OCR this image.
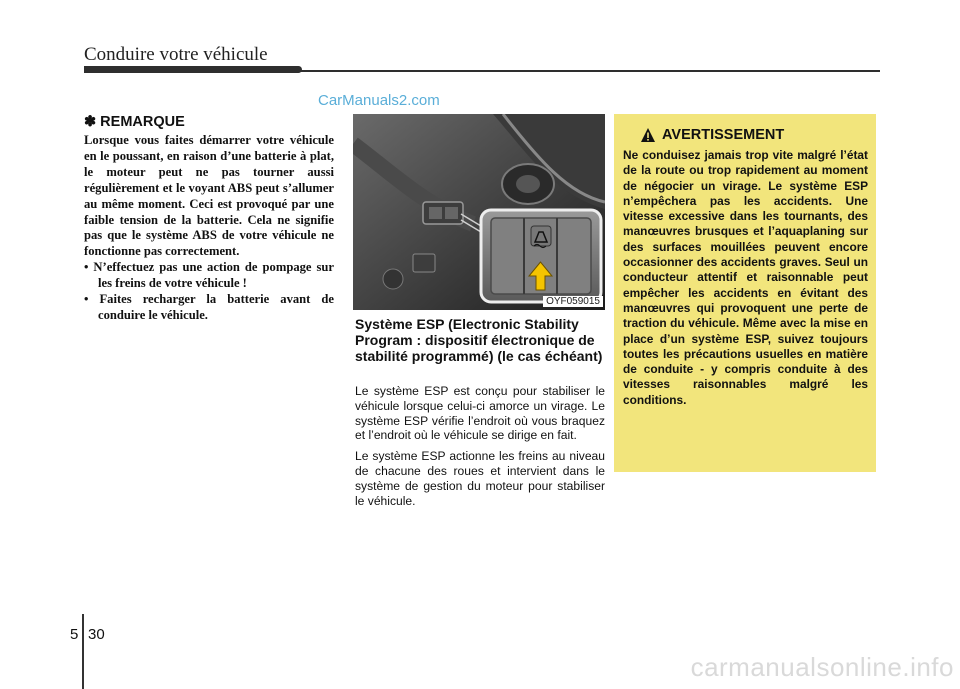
Conduire votre véhicule
CarManuals2.com
✽ REMARQUE

Lorsque vous faites démarrer votre véhicule en le poussant, en raison d’une batterie à plat, le moteur peut ne pas tourner aussi régulièrement et le voyant ABS peut s’allumer au même moment. Ceci est provoqué par une faible tension de la batterie. Cela ne signifie pas que le système ABS de votre véhicule ne fonctionne pas correctement.

• N’effectuez pas une action de pompage sur les freins de votre véhicule !
• Faites recharger la batterie avant de conduire le véhicule.
OYF059015
Système ESP (Electronic Stability Program : dispositif électronique de stabilité programmé) (le cas échéant)

Le système ESP est conçu pour stabiliser le véhicule lorsque celui-ci amorce un virage. Le système ESP vérifie l’endroit où vous braquez et l’endroit où le véhicule se dirige en fait.

Le système ESP actionne les freins au niveau de chacune des roues et intervient dans le système de gestion du moteur pour stabiliser le véhicule.

AVERTISSEMENT
Ne conduisez jamais trop vite malgré l’état de la route ou trop rapidement au moment de négocier un virage. Le système ESP n’empêchera pas les accidents. Une vitesse excessive dans les tournants, des manœuvres brusques et l’aquaplaning sur des surfaces mouillées peuvent encore occasionner des accidents graves. Seul un conducteur attentif et raisonnable peut empêcher les accidents en évitant des manœuvres qui provoquent une perte de traction du véhicule. Même avec la mise en place d’un système ESP, suivez toujours toutes les précautions usuelles en matière de conduite - y compris conduite à des vitesses raisonnables malgré les conditions.
5 30
carmanualsonline.info
